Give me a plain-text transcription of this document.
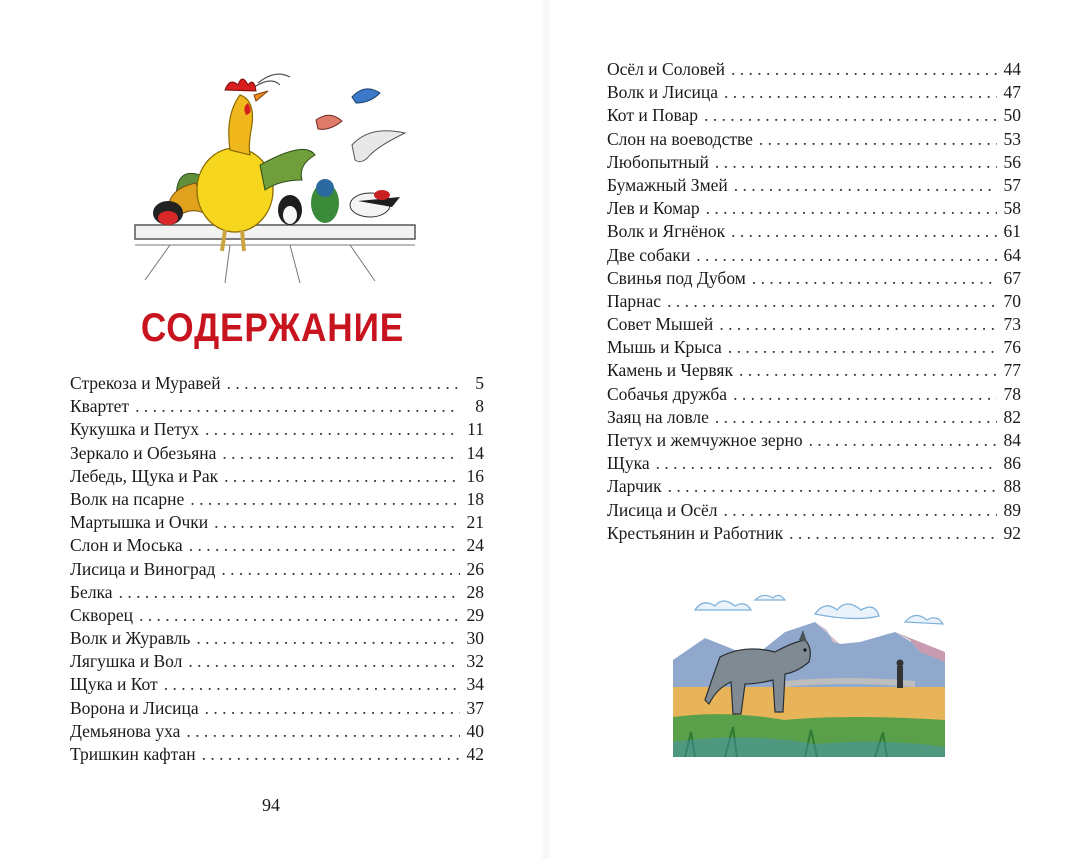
СОДЕРЖАНИЕ
Стрекоза и Муравей . . .	5
Квартет . . .	8
Кукушка и Петух . . .	11
Зеркало и Обезьяна . . .	14
Лебедь, Щука и Рак . . .	16
Волк на псарне . . .	18
Мартышка и Очки . . .	21
Слон и Моська . . .	24
Лисица и Виноград . . .	26
Белка . . .	28
Скворец . . .	29
Волк и Журавль . . .	30
Лягушка и Вол . . .	32
Щука и Кот . . .	34
Ворона и Лисица . . .	37
Демьянова уха . . .	40
Тришкин кафтан . . .	42
94
Осёл и Соловей . . .	44
Волк и Лисица . . .	47
Кот и Повар . . .	50
Слон на воеводстве . . .	53
Любопытный . . .	56
Бумажный Змей . . .	57
Лев и Комар . . .	58
Волк и Ягнёнок . . .	61
Две собаки . . .	64
Свинья под Дубом . . .	67
Парнас . . .	70
Совет Мышей . . .	73
Мышь и Крыса . . .	76
Камень и Червяк . . .	77
Собачья дружба . . .	78
Заяц на ловле . . .	82
Петух и жемчужное зерно . . .	84
Щука . . .	86
Ларчик . . .	88
Лисица и Осёл . . .	89
Крестьянин и Работник . . .	92
